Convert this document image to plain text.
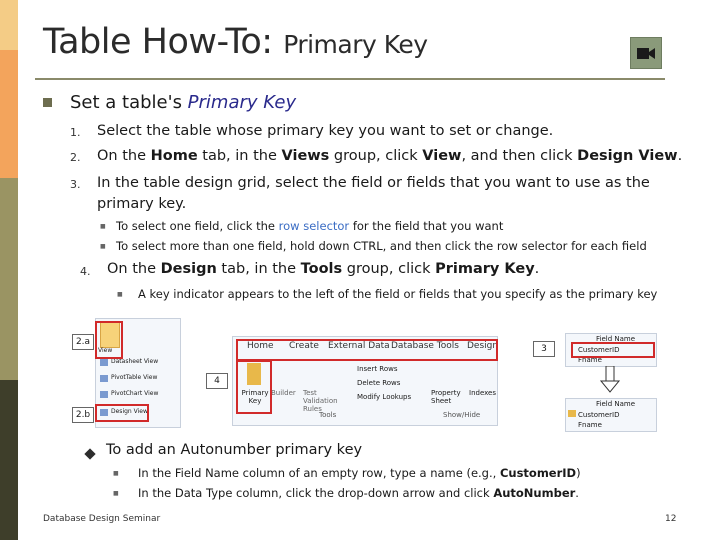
Table How-To: Primary Key
Set a table's Primary Key
1. Select the table whose primary key you want to set or change.
2. On the Home tab, in the Views group, click View, and then click Design View.
3. In the table design grid, select the field or fields that you want to use as the
primary key.
■ To select one field, click the row selector for the field that you want
■ To select more than one field, hold down CTRL, and then click the row selector for each field
4. On the Design tab, in the Tools group, click Primary Key.
■ A key indicator appears to the left of the field or fields that you specify as the primary key
View
Datasheet View
PivotTable View
PivotChart View
Design View
2.a
2.b
Home Create External Data Database Tools Design
Primary Key
Builder Test Validation Rules
Insert Rows
Delete Rows
Modify Lookups	Property Sheet
Indexes
Tools	Show/Hide
4
Field Name
CustomerID
Fname
3
Field Name
CustomerID
Fname
To add an Autonumber primary key
■ In the Field Name column of an empty row, type a name (e.g., CustomerID)
■ In the Data Type column, click the drop-down arrow and click AutoNumber.
Database Design Seminar	12
